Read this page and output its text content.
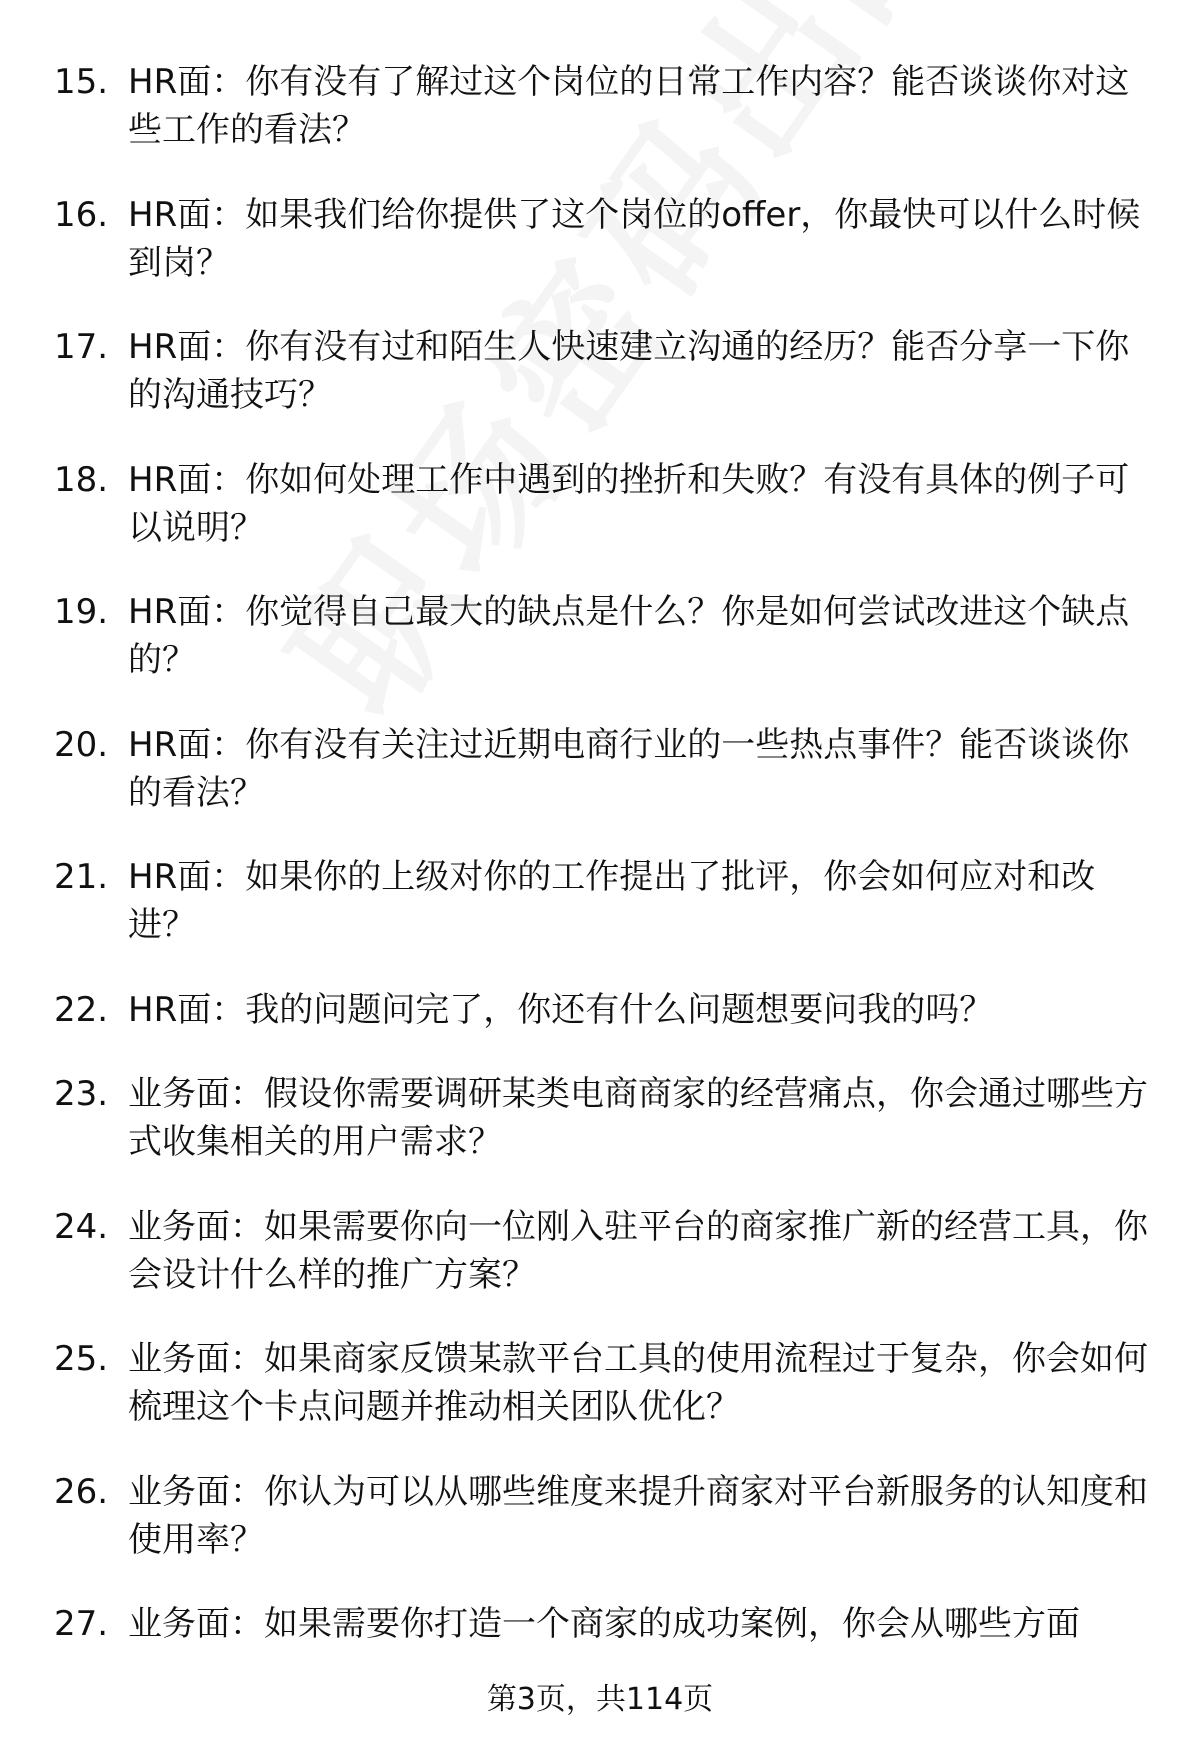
15. HR面：你有没有了解过这个岗位的日常工作内容？能否谈谈你对这些工作的看法？
16. HR面：如果我们给你提供了这个岗位的offer，你最快可以什么时候到岗？
17. HR面：你有没有过和陌生人快速建立沟通的经历？能否分享一下你的沟通技巧？
18. HR面：你如何处理工作中遇到的挫折和失败？有没有具体的例子可以说明？
19. HR面：你觉得自己最大的缺点是什么？你是如何尝试改进这个缺点的？
20. HR面：你有没有关注过近期电商行业的一些热点事件？能否谈谈你的看法？
21. HR面：如果你的上级对你的工作提出了批评，你会如何应对和改进？
22. HR面：我的问题问完了，你还有什么问题想要问我的吗？
23. 业务面：假设你需要调研某类电商商家的经营痛点，你会通过哪些方式收集相关的用户需求？
24. 业务面：如果需要你向一位刚入驻平台的商家推广新的经营工具，你会设计什么样的推广方案？
25. 业务面：如果商家反馈某款平台工具的使用流程过于复杂，你会如何梳理这个卡点问题并推动相关团队优化？
26. 业务面：你认为可以从哪些维度来提升商家对平台新服务的认知度和使用率？
27. 业务面：如果需要你打造一个商家的成功案例，你会从哪些方面
第3页，共114页
